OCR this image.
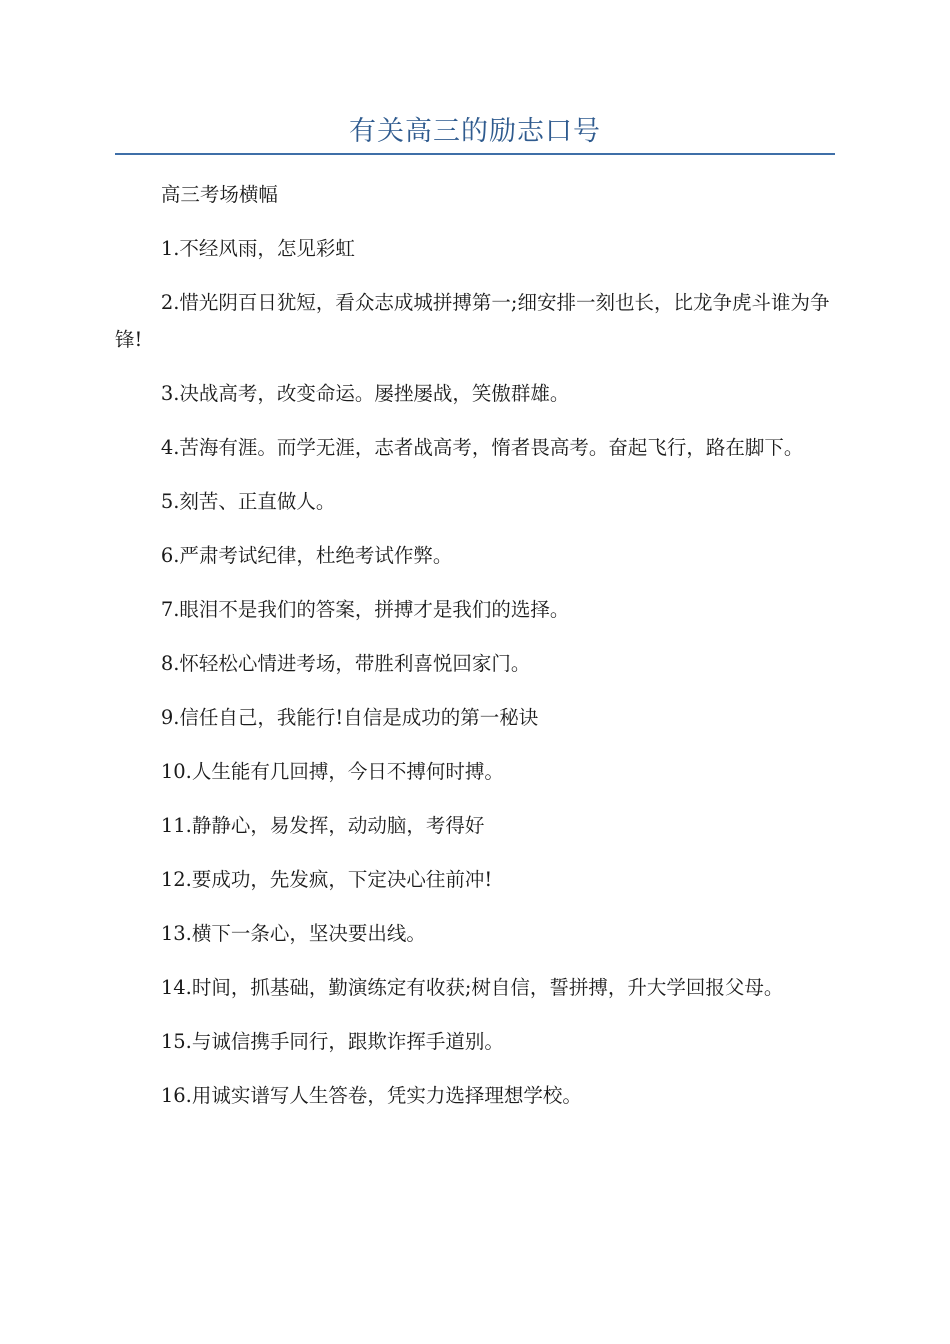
有关高三的励志口号

高三考场横幅

1.不经风雨，怎见彩虹

2.惜光阴百日犹短，看众志成城拼搏第一;细安排一刻也长，比龙争虎斗谁为争锋!

3.决战高考，改变命运。屡挫屡战，笑傲群雄。

4.苦海有涯。而学无涯，志者战高考，惰者畏高考。奋起飞行，路在脚下。

5.刻苦、正直做人。

6.严肃考试纪律，杜绝考试作弊。

7.眼泪不是我们的答案，拼搏才是我们的选择。

8.怀轻松心情进考场，带胜利喜悦回家门。

9.信任自己，我能行!自信是成功的第一秘诀

10.人生能有几回搏，今日不搏何时搏。

11.静静心，易发挥，动动脑，考得好

12.要成功，先发疯，下定决心往前冲!

13.横下一条心，坚决要出线。

14.时间，抓基础，勤演练定有收获;树自信，誓拼搏，升大学回报父母。

15.与诚信携手同行，跟欺诈挥手道别。

16.用诚实谱写人生答卷，凭实力选择理想学校。
